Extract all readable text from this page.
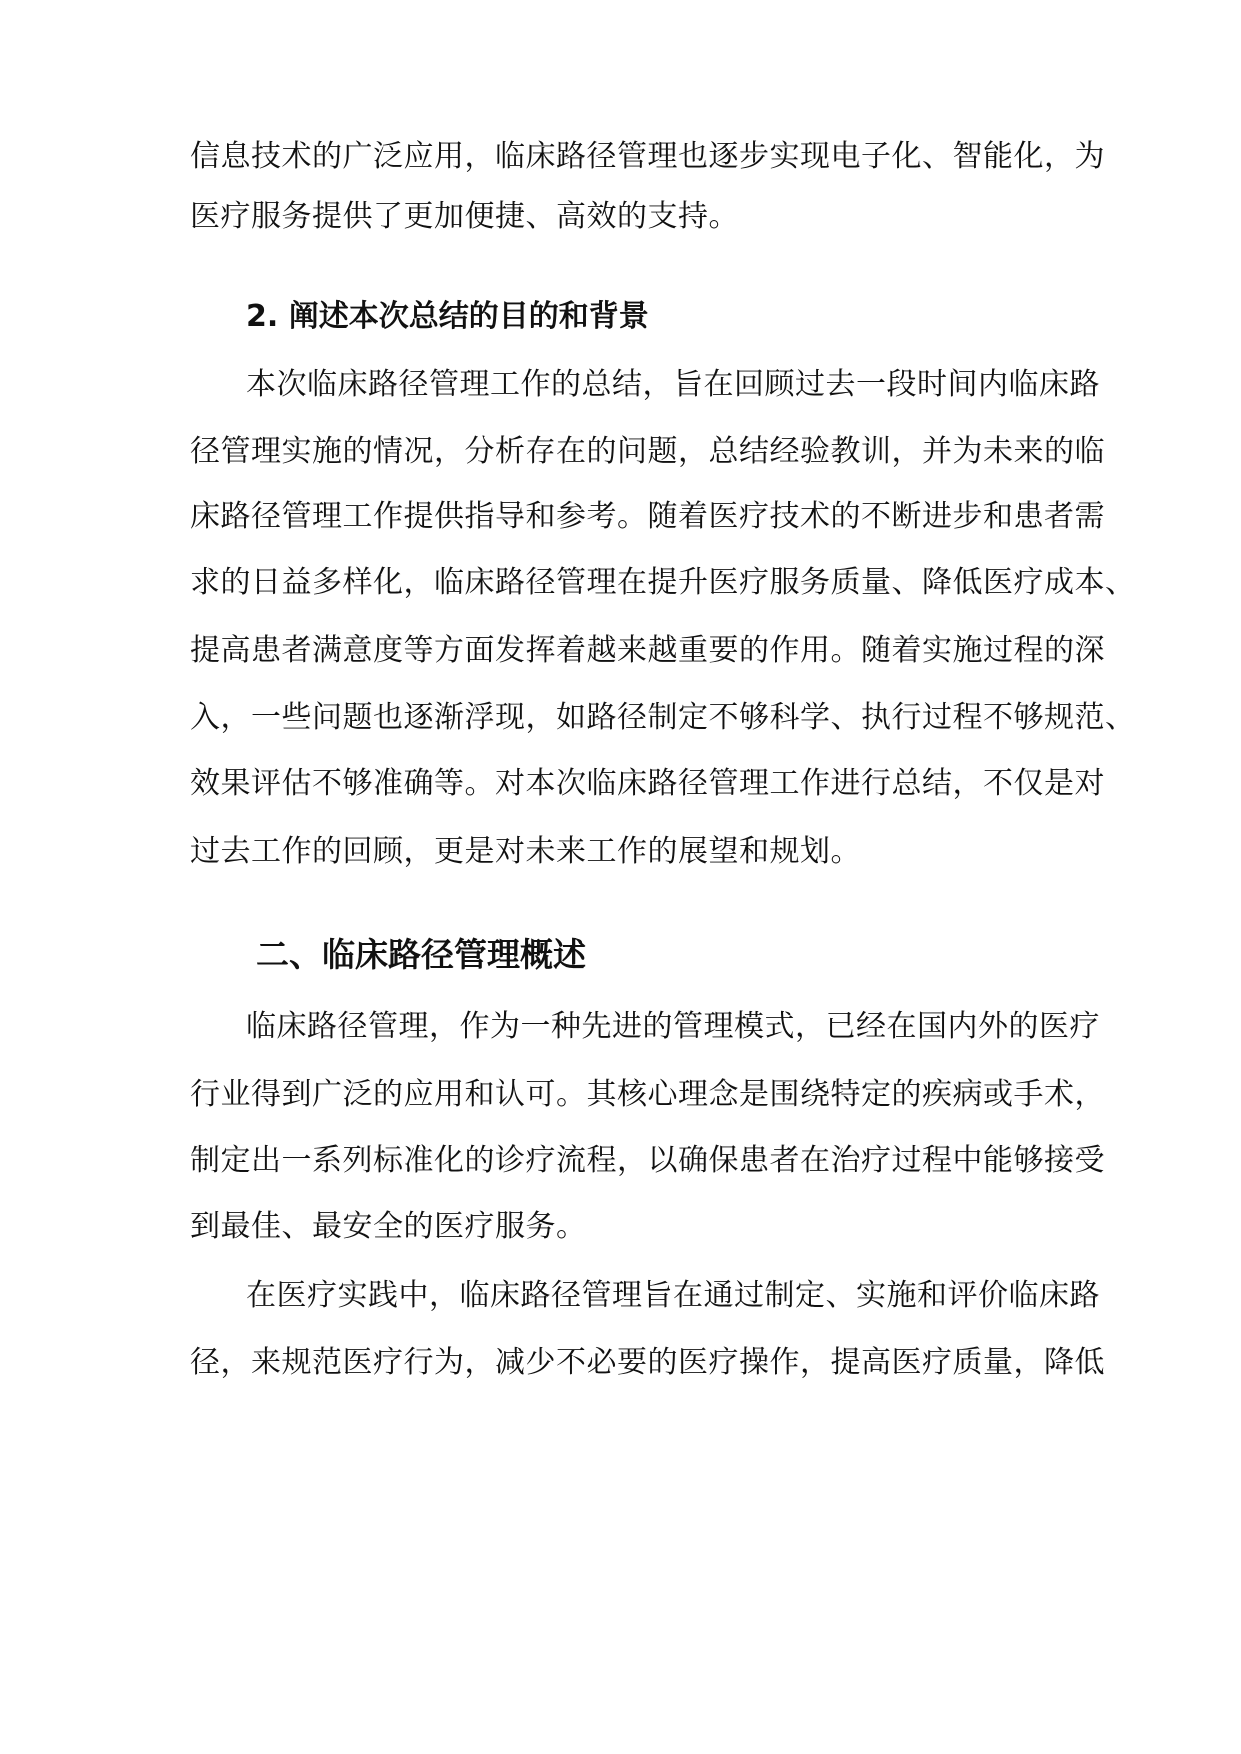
信息技术的广泛应用，临床路径管理也逐步实现电子化、智能化，为
医疗服务提供了更加便捷、高效的支持。
2. 阐述本次总结的目的和背景
本次临床路径管理工作的总结，旨在回顾过去一段时间内临床路
径管理实施的情况，分析存在的问题，总结经验教训，并为未来的临
床路径管理工作提供指导和参考。随着医疗技术的不断进步和患者需
求的日益多样化，临床路径管理在提升医疗服务质量、降低医疗成本、
提高患者满意度等方面发挥着越来越重要的作用。随着实施过程的深
入，一些问题也逐渐浮现，如路径制定不够科学、执行过程不够规范、
效果评估不够准确等。对本次临床路径管理工作进行总结，不仅是对
过去工作的回顾，更是对未来工作的展望和规划。
二、临床路径管理概述
临床路径管理，作为一种先进的管理模式，已经在国内外的医疗
行业得到广泛的应用和认可。其核心理念是围绕特定的疾病或手术，
制定出一系列标准化的诊疗流程，以确保患者在治疗过程中能够接受
到最佳、最安全的医疗服务。
在医疗实践中，临床路径管理旨在通过制定、实施和评价临床路
径，来规范医疗行为，减少不必要的医疗操作，提高医疗质量，降低
